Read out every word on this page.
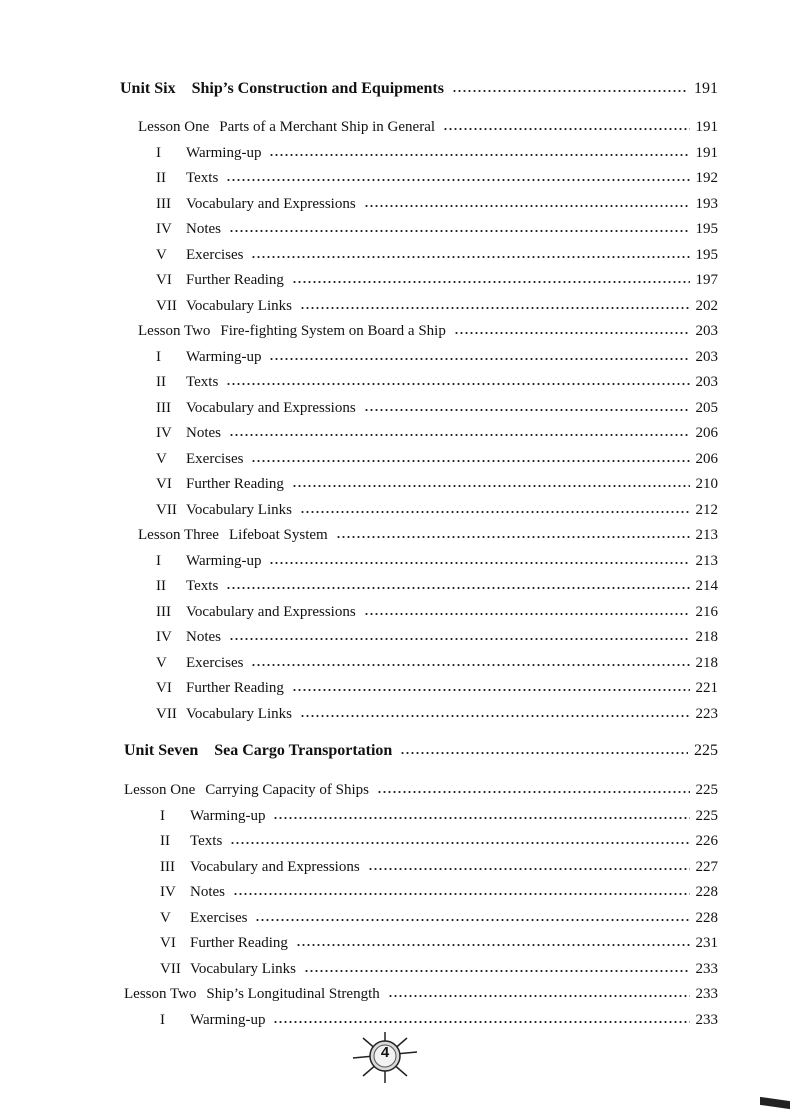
Unit Six Ship’s Construction and Equipments	191
Lesson One Parts of a Merchant Ship in General	191
I	Warming-up	191
II	Texts	192
III	Vocabulary and Expressions	193
IV Notes	195
V	Exercises	195
VI Further Reading	197
VII Vocabulary Links	202
Lesson Two Fire-fighting System on Board a Ship	203
I	Warming-up	203
II	Texts	203
III	Vocabulary and Expressions	205
IV Notes	206
V	Exercises	206
VI Further Reading	210
VII Vocabulary Links	212
Lesson Three Lifeboat System	213
I	Warming-up	213
II	Texts	214
III	Vocabulary and Expressions	216
IV Notes	218
V	Exercises	218
VI Further Reading	221
VII Vocabulary Links	223
Unit Seven Sea Cargo Transportation	225
Lesson One Carrying Capacity of Ships	225
I	Warming-up	225
II	Texts	226
III	Vocabulary and Expressions	227
IV Notes	228
V	Exercises	228
VI Further Reading	231
VII Vocabulary Links	233
Lesson Two Ship’s Longitudinal Strength	233
I	Warming-up	233
4
